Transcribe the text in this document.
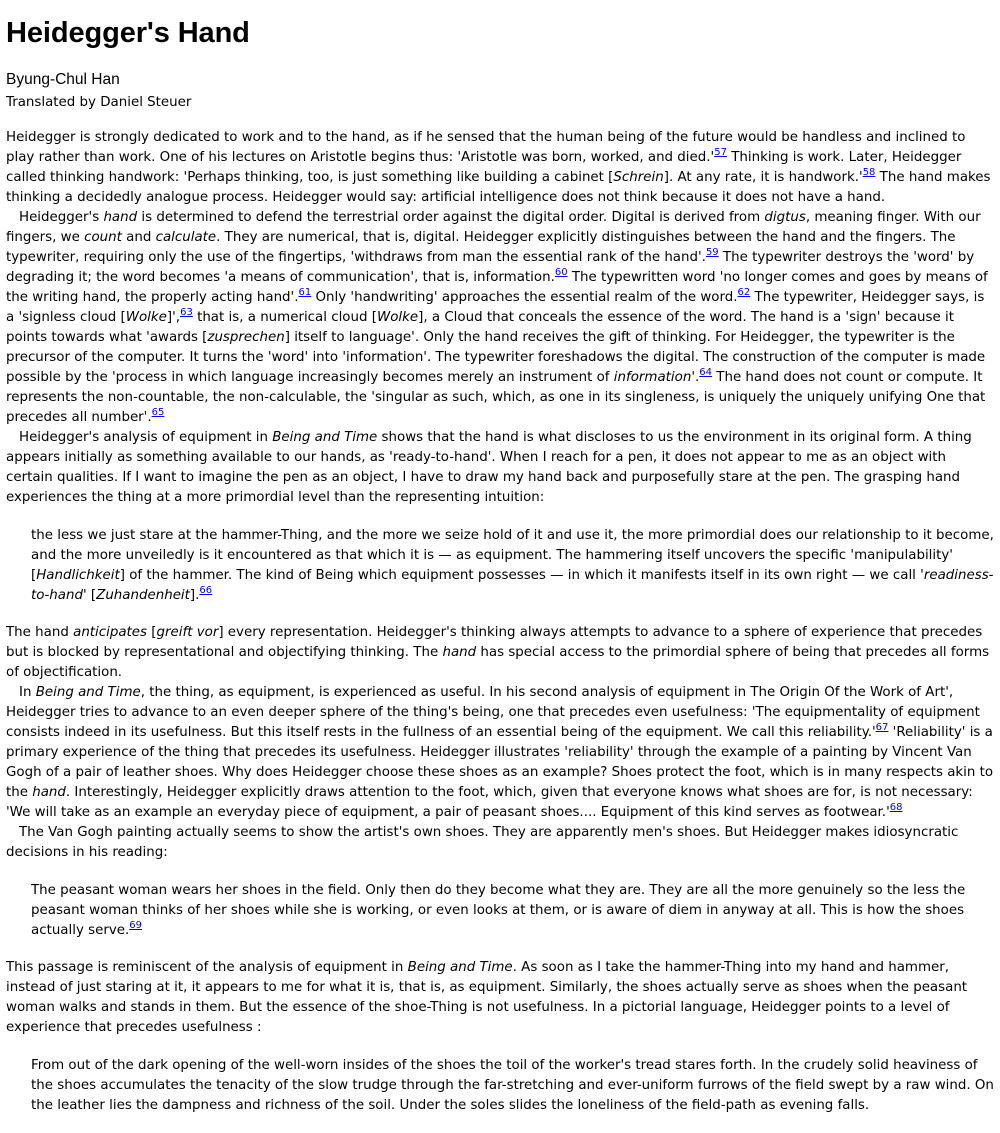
Heidegger's Hand
Byung-Chul Han
Translated by Daniel Steuer

Heidegger is strongly dedicated to work and to the hand, as if he sensed that the human being of the future would be handless and inclined to play rather than work. One of his lectures on Aristotle begins thus: 'Aristotle was born, worked, and died.'$^{57}$ Thinking is work. Later, Heidegger called thinking handwork: 'Perhaps thinking, too, is just something like building a cabinet [Schrein]. At any rate, it is handwork.'$^{58}$ The hand makes thinking a decidedly analogue process. Heidegger would say: artificial intelligence does not think because it does not have a hand.

Heidegger's hand is determined to defend the terrestrial order against the digital order. Digital is derived from digtus, meaning finger. With our fingers, we count and calculate. They are numerical, that is, digital. Heidegger explicitly distinguishes between the hand and the fingers. The typewriter, requiring only the use of the fingertips, 'withdraws from man the essential rank of the hand'.$^{59}$ The typewriter destroys the 'word' by degrading it; the word becomes 'a means of communication', that is, information.$^{60}$ The typewritten word 'no longer comes and goes by means of the writing hand, the properly acting hand'.$^{61}$ Only 'handwriting' approaches the essential realm of the word.$^{62}$ The typewriter, Heidegger says, is a 'signless cloud [Wolke]',$^{63}$ that is, a numerical cloud [Wolke], a Cloud that conceals the essence of the word. The hand is a 'sign' because it points towards what 'awards [zusprechen] itself to language'. Only the hand receives the gift of thinking. For Heidegger, the typewriter is the precursor of the computer. It turns the 'word' into 'information'. The typewriter foreshadows the digital. The construction of the computer is made possible by the 'process in which language increasingly becomes merely an instrument of information'.$^{64}$ The hand does not count or compute. It represents the non-countable, the non-calculable, the 'singular as such, which, as one in its singleness, is uniquely the uniquely unifying One that precedes all number'.$^{65}$

Heidegger's analysis of equipment in Being and Time shows that the hand is what discloses to us the environment in its original form. A thing appears initially as something available to our hands, as 'ready-to-hand'. When I reach for a pen, it does not appear to me as an object with certain qualities. If I want to imagine the pen as an object, I have to draw my hand back and purposefully stare at the pen. The grasping hand experiences the thing at a more primordial level than the representing intuition:

the less we just stare at the hammer-Thing, and the more we seize hold of it and use it, the more primordial does our relationship to it become, and the more unveiledly is it encountered as that which it is — as equipment. The hammering itself uncovers the specific 'manipulability' [Handlichkeit] of the hammer. The kind of Being which equipment possesses — in which it manifests itself in its own right — we call 'readiness-to-hand' [Zuhandenheit].$^{66}$

The hand anticipates [greift vor] every representation. Heidegger's thinking always attempts to advance to a sphere of experience that precedes but is blocked by representational and objectifying thinking. The hand has special access to the primordial sphere of being that precedes all forms of objectification.

In Being and Time, the thing, as equipment, is experienced as useful. In his second analysis of equipment in The Origin Of the Work of Art', Heidegger tries to advance to an even deeper sphere of the thing's being, one that precedes even usefulness: 'The equipmentality of equipment consists indeed in its usefulness. But this itself rests in the fullness of an essential being of the equipment. We call this reliability.'$^{67}$ 'Reliability' is a primary experience of the thing that precedes its usefulness. Heidegger illustrates 'reliability' through the example of a painting by Vincent Van Gogh of a pair of leather shoes. Why does Heidegger choose these shoes as an example? Shoes protect the foot, which is in many respects akin to the hand. Interestingly, Heidegger explicitly draws attention to the foot, which, given that everyone knows what shoes are for, is not necessary: 'We will take as an example an everyday piece of equipment, a pair of peasant shoes.... Equipment of this kind serves as footwear.'$^{68}$

The Van Gogh painting actually seems to show the artist's own shoes. They are apparently men's shoes. But Heidegger makes idiosyncratic decisions in his reading:

The peasant woman wears her shoes in the field. Only then do they become what they are. They are all the more genuinely so the less the peasant woman thinks of her shoes while she is working, or even looks at them, or is aware of diem in anyway at all. This is how the shoes actually serve.$^{69}$

This passage is reminiscent of the analysis of equipment in Being and Time. As soon as I take the hammer-Thing into my hand and hammer, instead of just staring at it, it appears to me for what it is, that is, as equipment. Similarly, the shoes actually serve as shoes when the peasant woman walks and stands in them. But the essence of the shoe-Thing is not usefulness. In a pictorial language, Heidegger points to a level of experience that precedes usefulness :

From out of the dark opening of the well-worn insides of the shoes the toil of the worker's tread stares forth. In the crudely solid heaviness of the shoes accumulates the tenacity of the slow trudge through the far-stretching and ever-uniform furrows of the field swept by a raw wind. On the leather lies the dampness and richness of the soil. Under the soles slides the loneliness of the field-path as evening falls.
